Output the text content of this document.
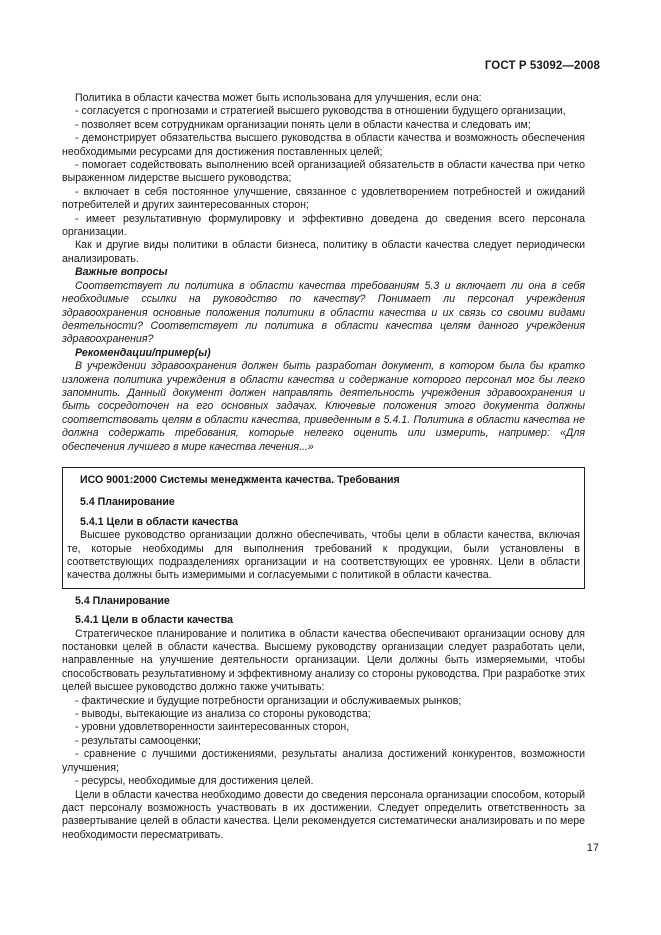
ГОСТ Р 53092—2008

Политика в области качества может быть использована для улучшения, если она:

- согласуется с прогнозами и стратегией высшего руководства в отношении будущего организации,

- позволяет всем сотрудникам организации понять цели в области качества и следовать им;

- демонстрирует обязательства высшего руководства в области качества и возможность обеспечения необходимыми ресурсами для достижения поставленных целей;

- помогает содействовать выполнению всей организацией обязательств в области качества при четко выраженном лидерстве высшего руководства;

- включает в себя постоянное улучшение, связанное с удовлетворением потребностей и ожиданий потребителей и других заинтересованных сторон;

- имеет результативную формулировку и эффективно доведена до сведения всего персонала организации.

Как и другие виды политики в области бизнеса, политику в области качества следует периодически анализировать.

Важные вопросы

Соответствует ли политика в области качества требованиям 5.3 и включает ли она в себя необходимые ссылки на руководство по качеству? Понимает ли персонал учреждения здравоохранения основные положения политики в области качества и их связь со своими видами деятельности? Соответствует ли политика в области качества целям данного учреждения здравоохранения?

Рекомендации/пример(ы)

В учреждении здравоохранения должен быть разработан документ, в котором была бы кратко изложена политика учреждения в области качества и содержание которого персонал мог бы легко запомнить. Данный документ должен направлять деятельность учреждения здравоохранения и быть сосредоточен на его основных задачах. Ключевые положения этого документа должны соответствовать целям в области качества, приведенным в 5.4.1. Политика в области качества не должна содержать требования, которые нелегко оценить или измерить, например: «Для обеспечения лучшего в мире качества лечения...»

ИСО 9001:2000 Системы менеджмента качества. Требования

5.4 Планирование

5.4.1 Цели в области качества

Высшее руководство организации должно обеспечивать, чтобы цели в области качества, включая те, которые необходимы для выполнения требований к продукции, были установлены в соответствующих подразделениях организации и на соответствующих ее уровнях. Цели в области качества должны быть измеримыми и согласуемыми с политикой в области качества.

5.4 Планирование

5.4.1 Цели в области качества

Стратегическое планирование и политика в области качества обеспечивают организации основу для постановки целей в области качества. Высшему руководству организации следует разработать цели, направленные на улучшение деятельности организации. Цели должны быть измеряемыми, чтобы способствовать результативному и эффективному анализу со стороны руководства. При разработке этих целей высшее руководство должно также учитывать:

- фактические и будущие потребности организации и обслуживаемых рынков;

- выводы, вытекающие из анализа со стороны руководства;

- уровни удовлетворенности заинтересованных сторон,

- результаты самооценки;

- сравнение с лучшими достижениями, результаты анализа достижений конкурентов, возможности улучшения;

- ресурсы, необходимые для достижения целей.

Цели в области качества необходимо довести до сведения персонала организации способом, который даст персоналу возможность участвовать в их достижении. Следует определить ответственность за развертывание целей в области качества. Цели рекомендуется систематически анализировать и по мере необходимости пересматривать.

17
